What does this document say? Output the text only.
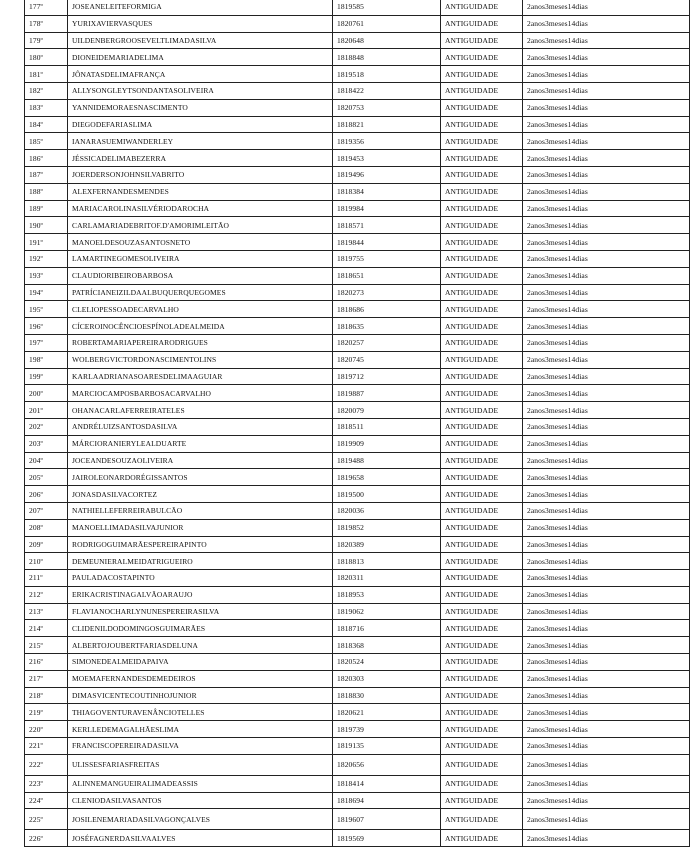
177º	JOSEANELEITEFORMIGA	1819585	ANTIGUIDADE	2anos3meses14dias
178º	YURIXAVIERVASQUES	1820761	ANTIGUIDADE	2anos3meses14dias
179º	UILDENBERGROOSEVELTLIMADASILVA	1820648	ANTIGUIDADE	2anos3meses14dias
180º	DIONEIDEMARIADELIMA	1818848	ANTIGUIDADE	2anos3meses14dias
181º	JÔNATASDELIMAFRANÇA	1819518	ANTIGUIDADE	2anos3meses14dias
182º	ALLYSONGLEYTSONDANTASOLIVEIRA	1818422	ANTIGUIDADE	2anos3meses14dias
183º	YANNIDEMORAESNASCIMENTO	1820753	ANTIGUIDADE	2anos3meses14dias
184º	DIEGODEFARIASLIMA	1818821	ANTIGUIDADE	2anos3meses14dias
185º	IANARASUEMIWANDERLEY	1819356	ANTIGUIDADE	2anos3meses14dias
186º	JÉSSICADELIMABEZERRA	1819453	ANTIGUIDADE	2anos3meses14dias
187º	JOERDERSONJOHNSILVABRITO	1819496	ANTIGUIDADE	2anos3meses14dias
188º	ALEXFERNANDESMENDES	1818384	ANTIGUIDADE	2anos3meses14dias
189º	MARIACAROLINASILVÉRIODAROCHA	1819984	ANTIGUIDADE	2anos3meses14dias
190º	CARLAMARIADEBRITOF.D'AMORIMLEITÃO	1818571	ANTIGUIDADE	2anos3meses14dias
191º	MANOELDESOUZASANTOSNETO	1819844	ANTIGUIDADE	2anos3meses14dias
192º	LAMARTINEGOMESOLIVEIRA	1819755	ANTIGUIDADE	2anos3meses14dias
193º	CLAUDIORIBEIROBARBOSA	1818651	ANTIGUIDADE	2anos3meses14dias
194º	PATRÍCIANEIZILDAALBUQUERQUEGOMES	1820273	ANTIGUIDADE	2anos3meses14dias
195º	CLELIOPESSOADECARVALHO	1818686	ANTIGUIDADE	2anos3meses14dias
196º	CÍCEROINOCÊNCIOESPÍNOLADEALMEIDA	1818635	ANTIGUIDADE	2anos3meses14dias
197º	ROBERTAMARIAPEREIRARODRIGUES	1820257	ANTIGUIDADE	2anos3meses14dias
198º	WOLBERGVICTORDONASCIMENTOLINS	1820745	ANTIGUIDADE	2anos3meses14dias
199º	KARLAADRIANASOARESDELIMAAGUIAR	1819712	ANTIGUIDADE	2anos3meses14dias
200º	MARCIOCAMPOSBARBOSACARVALHO	1819887	ANTIGUIDADE	2anos3meses14dias
201º	OHANACARLAFERREIRATELES	1820079	ANTIGUIDADE	2anos3meses14dias
202º	ANDRÉLUIZSANTOSDASILVA	1818511	ANTIGUIDADE	2anos3meses14dias
203º	MÁRCIORANIERYLEALDUARTE	1819909	ANTIGUIDADE	2anos3meses14dias
204º	JOCEANDESOUZAOLIVEIRA	1819488	ANTIGUIDADE	2anos3meses14dias
205º	JAIROLEONARDORÉGISSANTOS	1819658	ANTIGUIDADE	2anos3meses14dias
206º	JONASDASILVACORTEZ	1819500	ANTIGUIDADE	2anos3meses14dias
207º	NATHIELLEFERREIRABULCÃO	1820036	ANTIGUIDADE	2anos3meses14dias
208º	MANOELLIMADASILVAJUNIOR	1819852	ANTIGUIDADE	2anos3meses14dias
209º	RODRIGOGUIMARÃESPEREIRAPINTO	1820389	ANTIGUIDADE	2anos3meses14dias
210º	DEMEUNIERALMEIDATRIGUEIRO	1818813	ANTIGUIDADE	2anos3meses14dias
211º	PAULADACOSTAPINTO	1820311	ANTIGUIDADE	2anos3meses14dias
212º	ERIKACRISTINAGALVÃOARAUJO	1818953	ANTIGUIDADE	2anos3meses14dias
213º	FLAVIANOCHARLYNUNESPEREIRASILVA	1819062	ANTIGUIDADE	2anos3meses14dias
214º	CLIDENILDODOMINGOSGUIMARÃES	1818716	ANTIGUIDADE	2anos3meses14dias
215º	ALBERTOJOUBERTFARIASDELUNA	1818368	ANTIGUIDADE	2anos3meses14dias
216º	SIMONEDEALMEIDAPAIVA	1820524	ANTIGUIDADE	2anos3meses14dias
217º	MOEMAFERNANDESDEMEDEIROS	1820303	ANTIGUIDADE	2anos3meses14dias
218º	DIMASVICENTECOUTINHOJUNIOR	1818830	ANTIGUIDADE	2anos3meses14dias
219º	THIAGOVENTURAVENÂNCIOTELLES	1820621	ANTIGUIDADE	2anos3meses14dias
220º	KERLLEDEMAGALHÃESLIMA	1819739	ANTIGUIDADE	2anos3meses14dias
221º	FRANCISCOPEREIRADASILVA	1819135	ANTIGUIDADE	2anos3meses14dias
222º	ULISSESFARIASFREITAS	1820656	ANTIGUIDADE	2anos3meses14dias
223º	ALINNEMANGUEIRALIMADEASSIS	1818414	ANTIGUIDADE	2anos3meses14dias
224º	CLENIODASILVASANTOS	1818694	ANTIGUIDADE	2anos3meses14dias
225º	JOSILENEMARIADASILVAGONÇALVES	1819607	ANTIGUIDADE	2anos3meses14dias
226º	JOSÉFAGNERDASILVAALVES	1819569	ANTIGUIDADE	2anos3meses14dias
